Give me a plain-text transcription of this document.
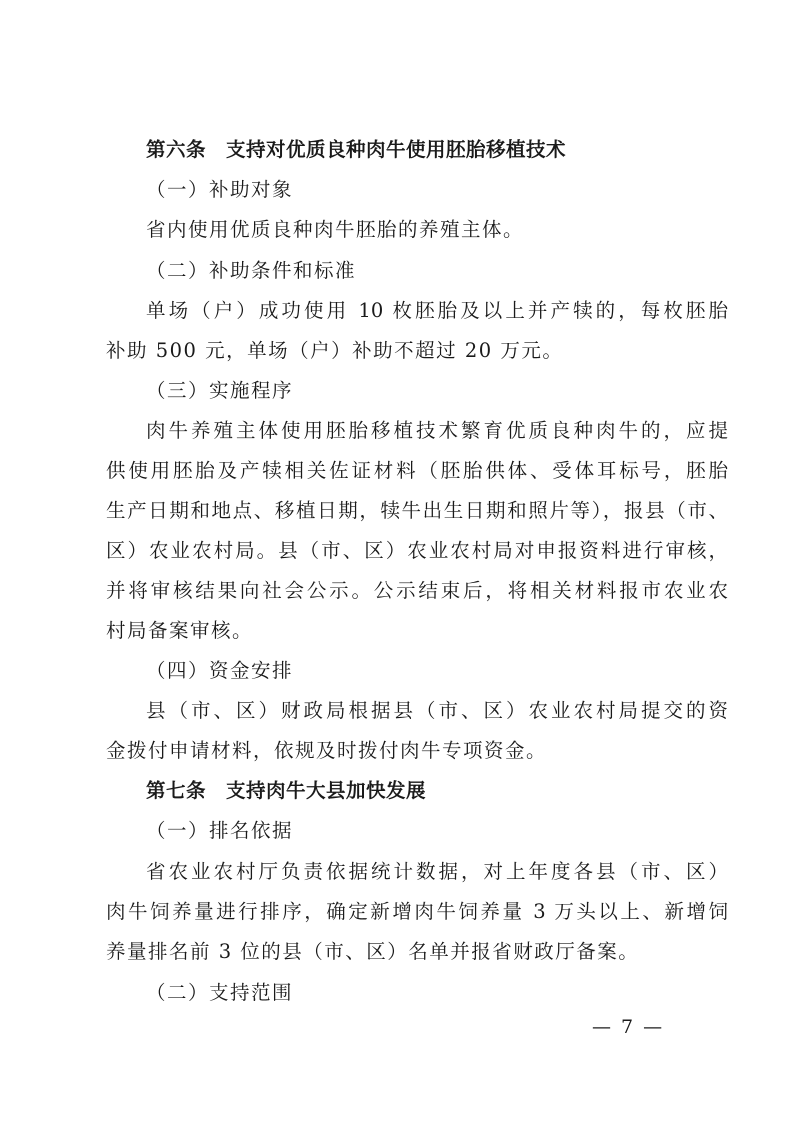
第六条　支持对优质良种肉牛使用胚胎移植技术
（一）补助对象
省内使用优质良种肉牛胚胎的养殖主体。
（二）补助条件和标准
单场（户）成功使用 10 枚胚胎及以上并产犊的，每枚胚胎
补助 500 元，单场（户）补助不超过 20 万元。
（三）实施程序
肉牛养殖主体使用胚胎移植技术繁育优质良种肉牛的，应提
供使用胚胎及产犊相关佐证材料（胚胎供体、受体耳标号，胚胎
生产日期和地点、移植日期，犊牛出生日期和照片等），报县（市、
区）农业农村局。县（市、区）农业农村局对申报资料进行审核，
并将审核结果向社会公示。公示结束后，将相关材料报市农业农
村局备案审核。
（四）资金安排
县（市、区）财政局根据县（市、区）农业农村局提交的资
金拨付申请材料，依规及时拨付肉牛专项资金。
第七条　支持肉牛大县加快发展
（一）排名依据
省农业农村厅负责依据统计数据，对上年度各县（市、区）
肉牛饲养量进行排序，确定新增肉牛饲养量 3 万头以上、新增饲
养量排名前 3 位的县（市、区）名单并报省财政厅备案。
（二）支持范围
— 7 —
